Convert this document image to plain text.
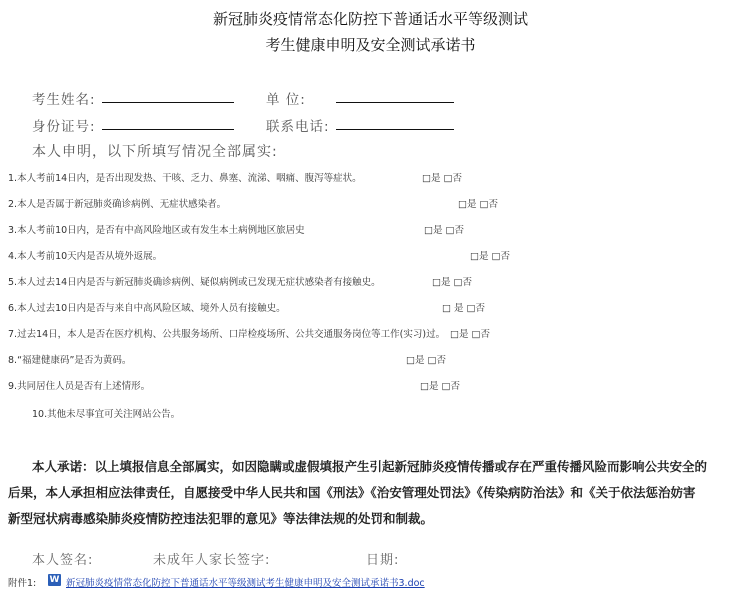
新冠肺炎疫情常态化防控下普通话水平等级测试
考生健康申明及安全测试承诺书
考生姓名:	单 位:
身份证号:	联系电话:
本人申明，以下所填写情况全部属实:
1.本人考前14日内，是否出现发热、干咳、乏力、鼻塞、流涕、咽痛、腹泻等症状。	□是 □否
2.本人是否属于新冠肺炎确诊病例、无症状感染者。	□是 □否
3.本人考前10日内，是否有中高风险地区或有发生本土病例地区旅居史	□是 □否
4.本人考前10天内是否从境外返展。	□是 □否
5.本人过去14日内是否与新冠肺炎确诊病例、疑似病例或已发现无症状感染者有接触史。	□是 □否
6.本人过去10日内是否与来自中高风险区域、境外人员有接触史。	□ 是 □否
7.过去14日，本人是否在医疗机构、公共服务场所、口岸检疫场所、公共交通服务岗位等工作(实习)过。 □是 □否
8.“福建健康码”是否为黄码。	□是 □否
9.共同居住人员是否有上述情形。	□是 □否
10.其他未尽事宜可关注网站公告。
本人承诺：以上填报信息全部属实，如因隐瞒或虚假填报产生引起新冠肺炎疫情传播或存在严重传播风险而影响公共安全的
后果，本人承担相应法律责任，自愿接受中华人民共和国《刑法》《治安管理处罚法》《传染病防治法》和《关于依法惩治妨害
新型冠状病毒感染肺炎疫情防控违法犯罪的意见》等法律法规的处罚和制裁。
本人签名:	未成年人家长签字:	日期:
附件1: W 新冠肺炎疫情常态化防控下普通话水平等级测试考生健康申明及安全测试承诺书3.doc
